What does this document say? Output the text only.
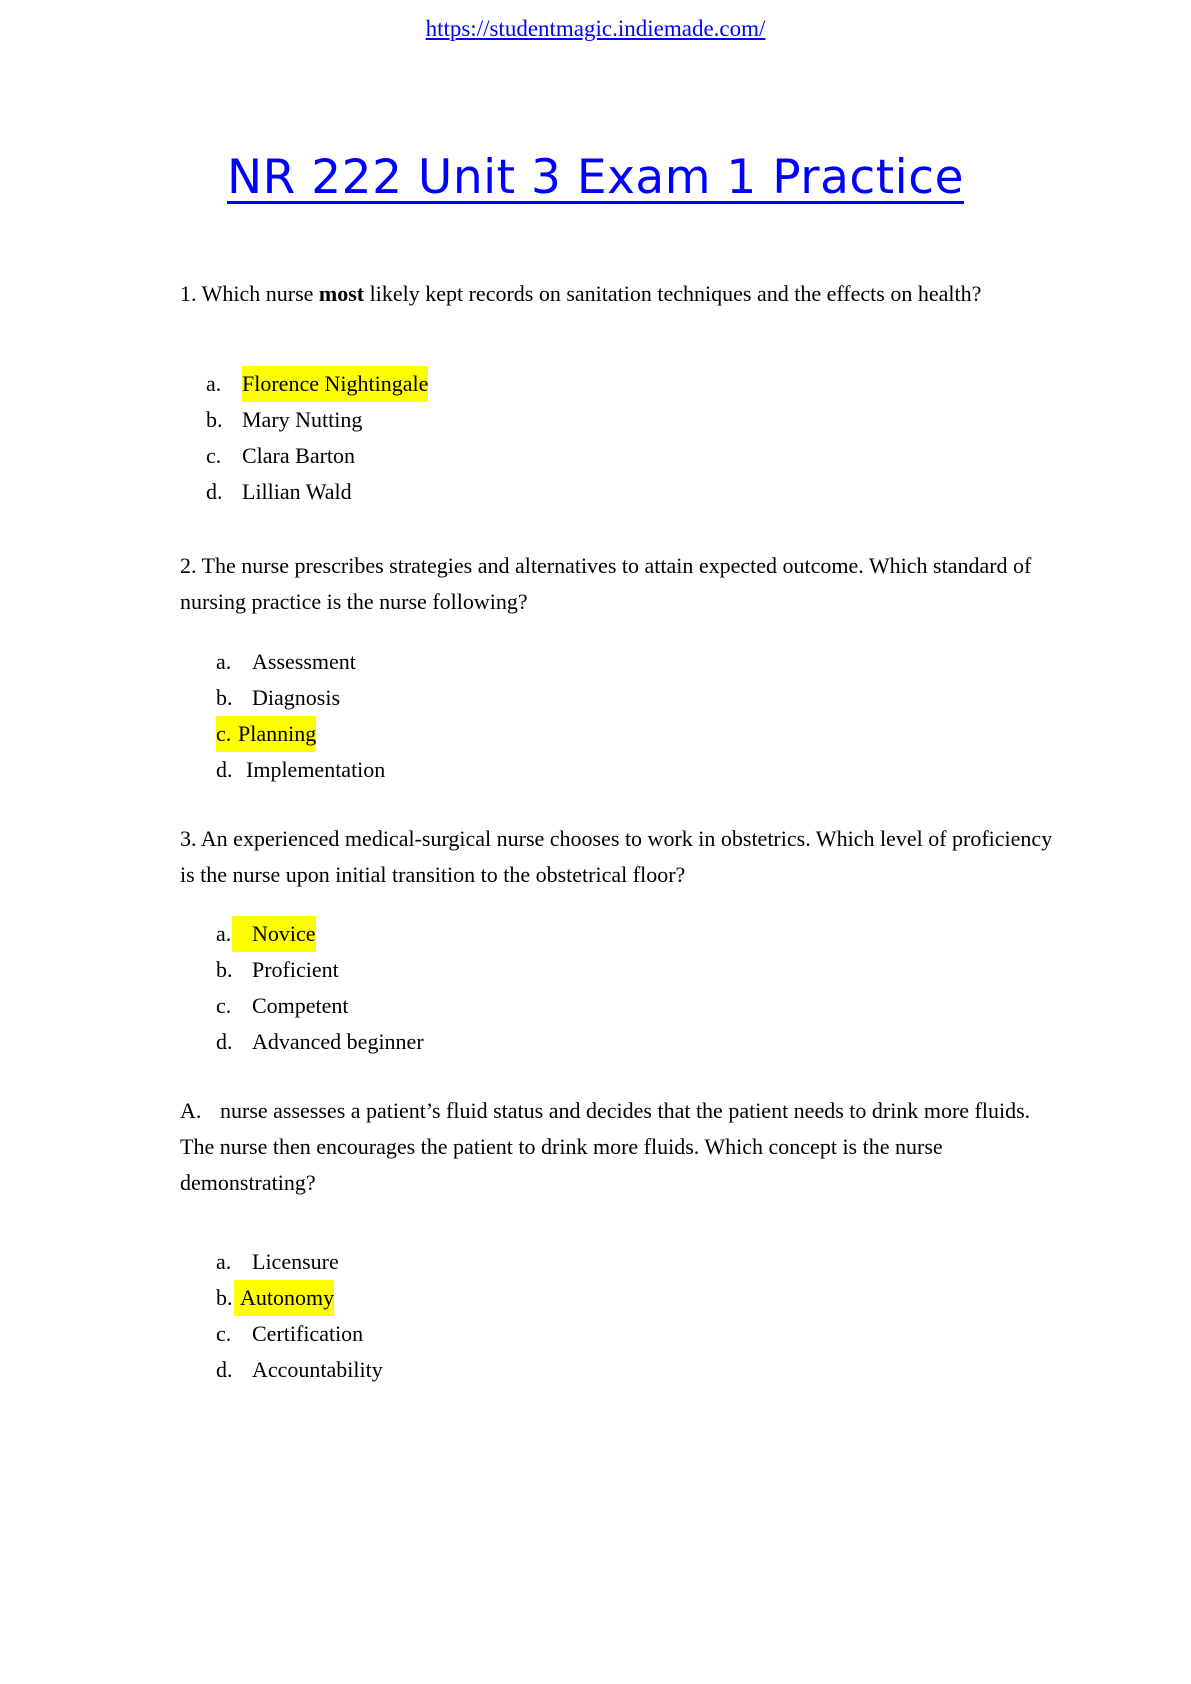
https://studentmagic.indiemade.com/
NR 222 Unit 3 Exam 1 Practice
1. Which nurse most likely kept records on sanitation techniques and the effects on health?
a. Florence Nightingale
b. Mary Nutting
c. Clara Barton
d. Lillian Wald
2. The nurse prescribes strategies and alternatives to attain expected outcome. Which standard of nursing practice is the nurse following?
a. Assessment
b. Diagnosis
c. Planning
d. Implementation
3. An experienced medical-surgical nurse chooses to work in obstetrics. Which level of proficiency is the nurse upon initial transition to the obstetrical floor?
a. Novice
b. Proficient
c. Competent
d. Advanced beginner
A. nurse assesses a patient’s fluid status and decides that the patient needs to drink more fluids. The nurse then encourages the patient to drink more fluids. Which concept is the nurse demonstrating?
a. Licensure
b. Autonomy
c. Certification
d. Accountability
